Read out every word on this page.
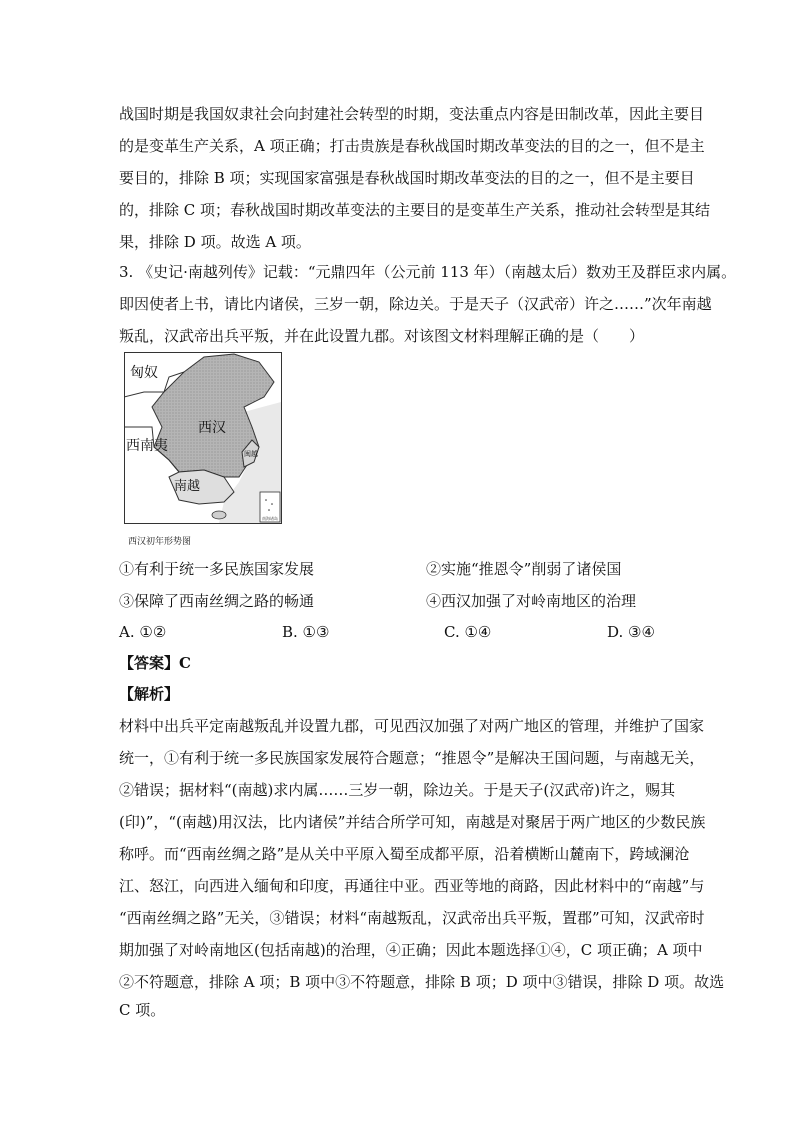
战国时期是我国奴隶社会向封建社会转型的时期，变法重点内容是田制改革，因此主要目
的是变革生产关系，A 项正确；打击贵族是春秋战国时期改革变法的目的之一，但不是主
要目的，排除 B 项；实现国家富强是春秋战国时期改革变法的目的之一，但不是主要目
的，排除 C 项；春秋战国时期改革变法的主要目的是变革生产关系，推动社会转型是其结
果，排除 D 项。故选 A 项。
3. 《史记·南越列传》记载：“元鼎四年（公元前 113 年）（南越太后）数劝王及群臣求内属。
即因使者上书，请比内诸侯，三岁一朝，除边关。于是天子（汉武帝）许之……”次年南越
叛乱，汉武帝出兵平叛，并在此设置九郡。对该图文材料理解正确的是（　　）
南海诸岛
匈奴
西汉
西南夷
南越
闽越
西汉初年形势图
①有利于统一多民族国家发展	②实施“推恩令”削弱了诸侯国
③保障了西南丝绸之路的畅通	④西汉加强了对岭南地区的治理
A. ①②	B. ①③	C. ①④	D. ③④
【答案】C
【解析】
材料中出兵平定南越叛乱并设置九郡，可见西汉加强了对两广地区的管理，并维护了国家
统一，①有利于统一多民族国家发展符合题意；“推恩令”是解决王国问题，与南越无关，
②错误；据材料“(南越)求内属……三岁一朝，除边关。于是天子(汉武帝)许之，赐其
(印)”，“(南越)用汉法，比内诸侯”并结合所学可知，南越是对聚居于两广地区的少数民族
称呼。而“西南丝绸之路”是从关中平原入蜀至成都平原，沿着横断山麓南下，跨域澜沧
江、怒江，向西进入缅甸和印度，再通往中亚。西亚等地的商路，因此材料中的“南越”与
“西南丝绸之路”无关，③错误；材料“南越叛乱，汉武帝出兵平叛，置郡”可知，汉武帝时
期加强了对岭南地区(包括南越)的治理，④正确；因此本题选择①④，C 项正确；A 项中
②不符题意，排除 A 项；B 项中③不符题意，排除 B 项；D 项中③错误，排除 D 项。故选
C 项。
